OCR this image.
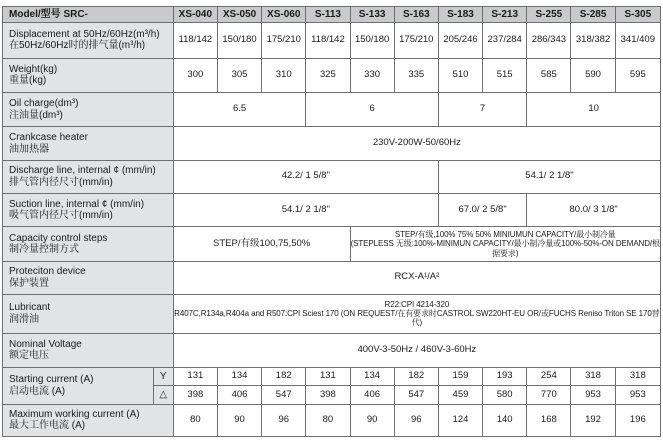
Model/型号 SRC-		XS-040	XS-050	XS-060	S-113	S-133	S-163	S-183	S-213	S-255	S-285	S-305

Displacement at 50Hz/60Hz(m³/h)
在50Hz/60Hz时的排气量(m³/h)		118/142	150/180	175/210	118/142	150/180	175/210	205/246	237/284	286/343	318/382	341/409

Weight(kg)
重量(kg)		300	305	310	325	330	335	510	515	585	590	595

Oil charge(dm³)
注油量(dm³)		6.5			6			7		10		

Crankcase heater
油加热器		230V-200W-50/60Hz										

Discharge line, internal ¢ (mm/in)
排气管内径尺寸(mm/in)		42.2/ 1 5/8"						54.1/ 2 1/8"				

Suction line, internal ¢ (mm/in)
吸气管内径尺寸(mm/in)		54.1/ 2 1/8"						67.0/ 2 5/8"		80.0/ 3 1/8"		

Capacity control steps
制冷量控制方式		STEP/有级100,75,50%				STEP/有级,100% 75% 50% MINIUMUN CAPACITY/最小制冷量
(STEPLESS 无级:100%-MINIMUN CAPACITY/最小制冷量或100%-50%-ON DEMAND/根据要求)						

Proteciton device
保护装置		RCX-A¹/A²										

Lubricant
润滑油		R22:CPI 4214-320
R407C,R134a,R404a and R507:CPI Sciest 170 (ON REQUEST/在有要求时CASTROL SW220HT-EU OR/或FUCHS Reniso Triton SE 170替代)										

Nominal Voltage
额定电压		400V-3-50Hz / 460V-3-60Hz										

Starting current (A)
启动电流 (A)	Y	131	134	182	131	134	182	159	193	254	318	318
	△	398	406	547	398	406	547	459	580	770	953	953

Maximum working current (A)
最大工作电流 (A)		80	90	96	80	90	96	124	140	168	192	196
